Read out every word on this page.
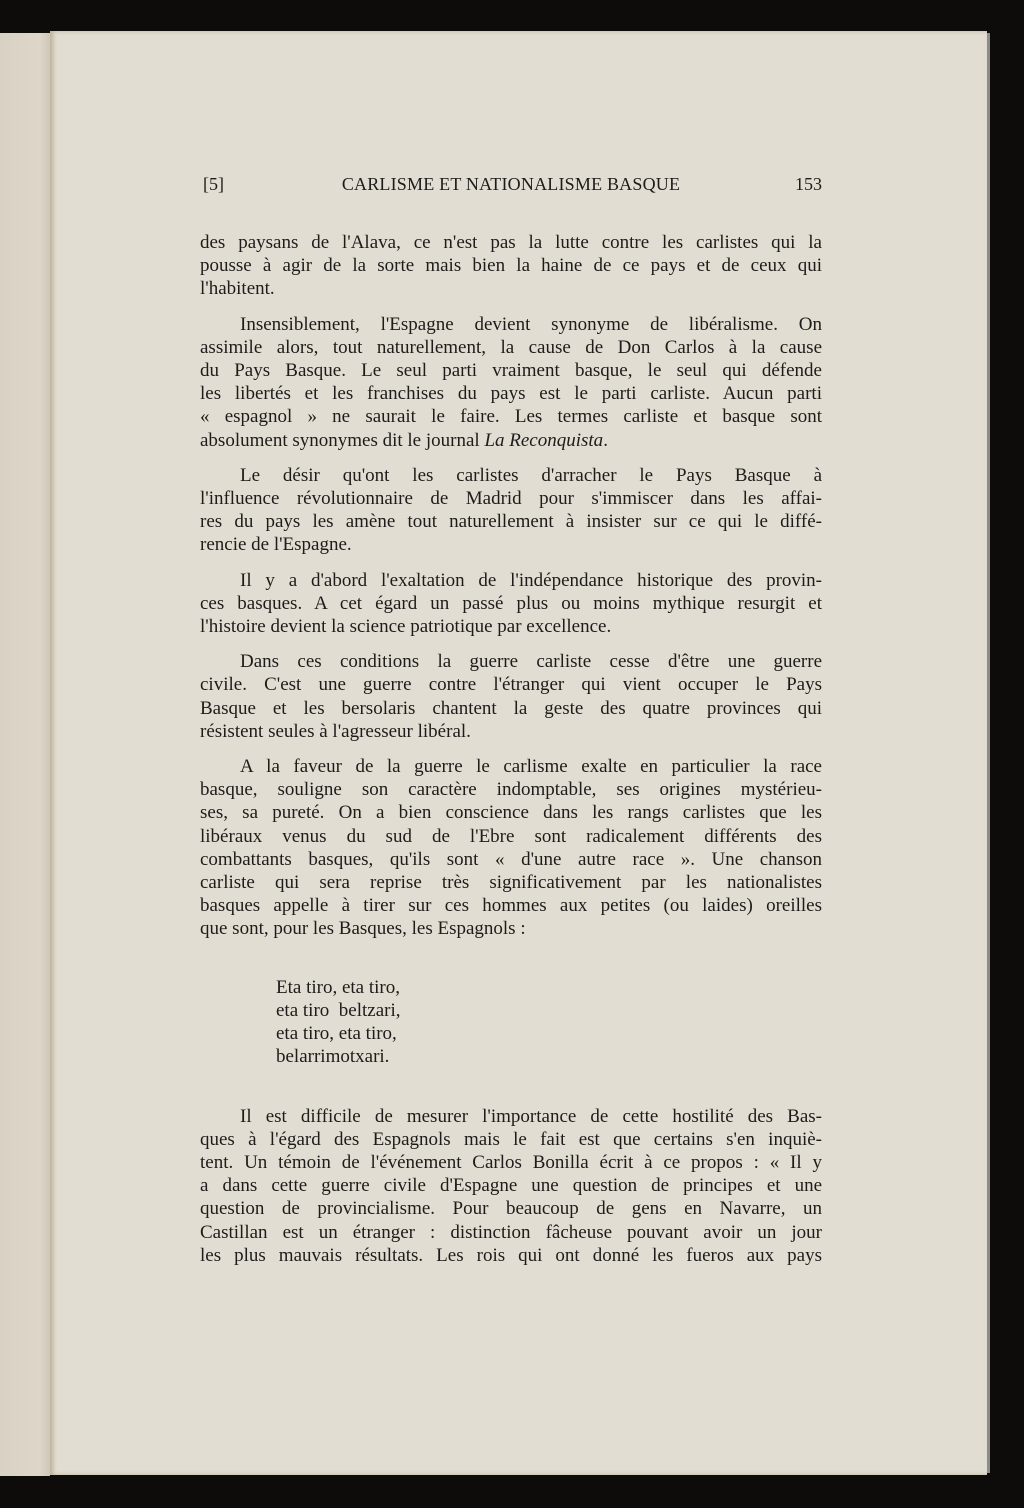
[5]	CARLISME ET NATIONALISME BASQUE	153
des paysans de l'Alava, ce n'est pas la lutte contre les carlistes qui la
pousse à agir de la sorte mais bien la haine de ce pays et de ceux qui
l'habitent.
Insensiblement, l'Espagne devient synonyme de libéralisme. On
assimile alors, tout naturellement, la cause de Don Carlos à la cause
du Pays Basque. Le seul parti vraiment basque, le seul qui défende
les libertés et les franchises du pays est le parti carliste. Aucun parti
« espagnol » ne saurait le faire. Les termes carliste et basque sont
absolument synonymes dit le journal La Reconquista.
Le désir qu'ont les carlistes d'arracher le Pays Basque à
l'influence révolutionnaire de Madrid pour s'immiscer dans les affai-
res du pays les amène tout naturellement à insister sur ce qui le diffé-
rencie de l'Espagne.
Il y a d'abord l'exaltation de l'indépendance historique des provin-
ces basques. A cet égard un passé plus ou moins mythique resurgit et
l'histoire devient la science patriotique par excellence.
Dans ces conditions la guerre carliste cesse d'être une guerre
civile. C'est une guerre contre l'étranger qui vient occuper le Pays
Basque et les bersolaris chantent la geste des quatre provinces qui
résistent seules à l'agresseur libéral.
A la faveur de la guerre le carlisme exalte en particulier la race
basque, souligne son caractère indomptable, ses origines mystérieu-
ses, sa pureté. On a bien conscience dans les rangs carlistes que les
libéraux venus du sud de l'Ebre sont radicalement différents des
combattants basques, qu'ils sont « d'une autre race ». Une chanson
carliste qui sera reprise très significativement par les nationalistes
basques appelle à tirer sur ces hommes aux petites (ou laides) oreilles
que sont, pour les Basques, les Espagnols :
Eta tiro, eta tiro,
eta tiro  beltzari,
eta tiro, eta tiro,
belarrimotxari.
Il est difficile de mesurer l'importance de cette hostilité des Bas-
ques à l'égard des Espagnols mais le fait est que certains s'en inquiè-
tent. Un témoin de l'événement Carlos Bonilla écrit à ce propos : « Il y
a dans cette guerre civile d'Espagne une question de principes et une
question de provincialisme. Pour beaucoup de gens en Navarre, un
Castillan est un étranger : distinction fâcheuse pouvant avoir un jour
les plus mauvais résultats. Les rois qui ont donné les fueros aux pays
